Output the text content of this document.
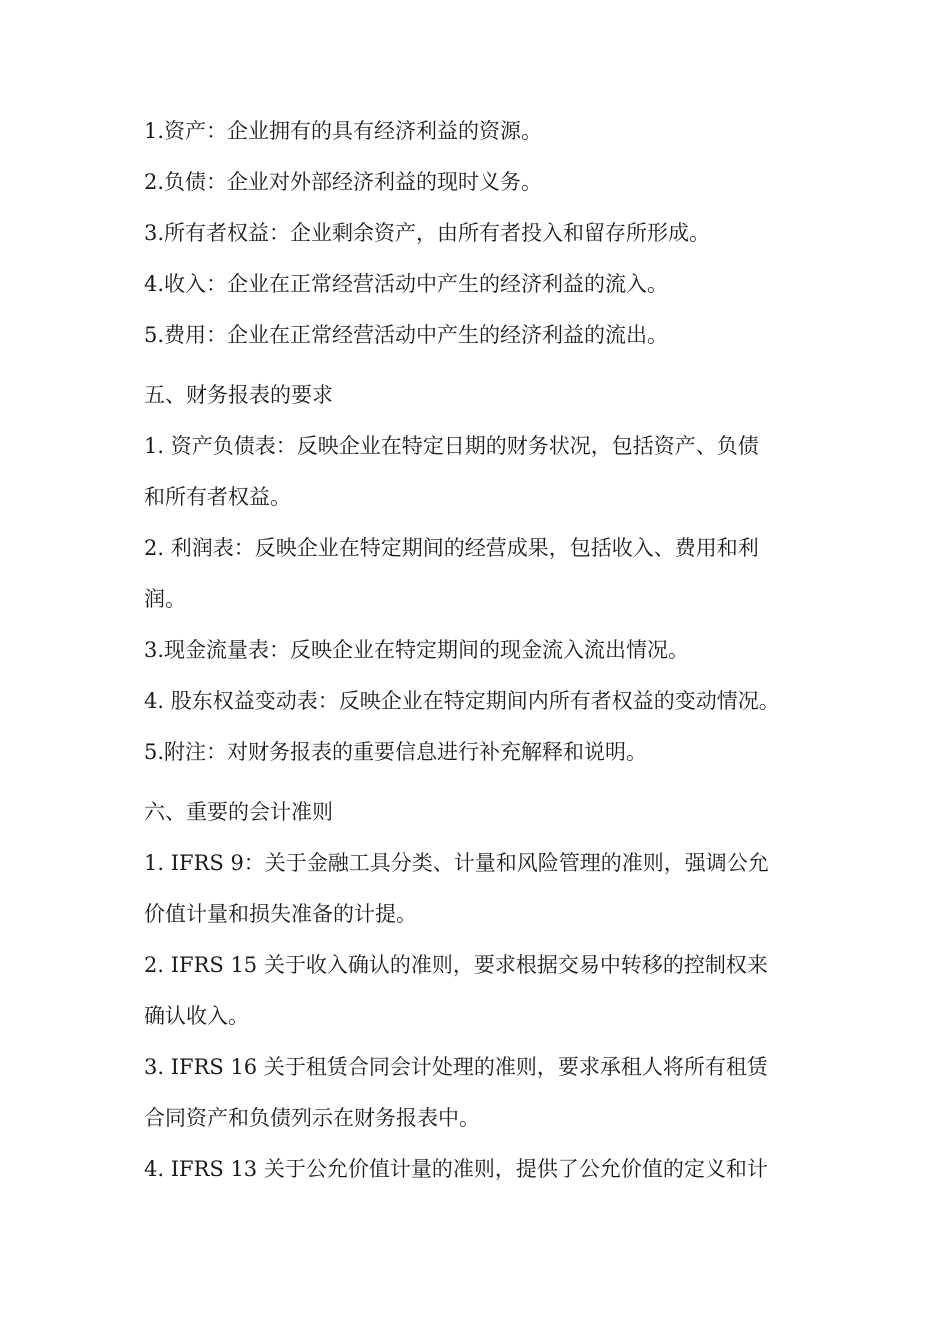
1.资产：企业拥有的具有经济利益的资源。
2.负债：企业对外部经济利益的现时义务。
3.所有者权益：企业剩余资产，由所有者投入和留存所形成。
4.收入：企业在正常经营活动中产生的经济利益的流入。
5.费用：企业在正常经营活动中产生的经济利益的流出。
五、财务报表的要求
1. 资产负债表：反映企业在特定日期的财务状况，包括资产、负债
和所有者权益。
2. 利润表：反映企业在特定期间的经营成果，包括收入、费用和利
润。
3.现金流量表：反映企业在特定期间的现金流入流出情况。
4. 股东权益变动表：反映企业在特定期间内所有者权益的变动情况。
5.附注：对财务报表的重要信息进行补充解释和说明。
六、重要的会计准则
1. IFRS 9：关于金融工具分类、计量和风险管理的准则，强调公允
价值计量和损失准备的计提。
2. IFRS 15 关于收入确认的准则，要求根据交易中转移的控制权来
确认收入。
3. IFRS 16 关于租赁合同会计处理的准则，要求承租人将所有租赁
合同资产和负债列示在财务报表中。
4. IFRS 13 关于公允价值计量的准则，提供了公允价值的定义和计
